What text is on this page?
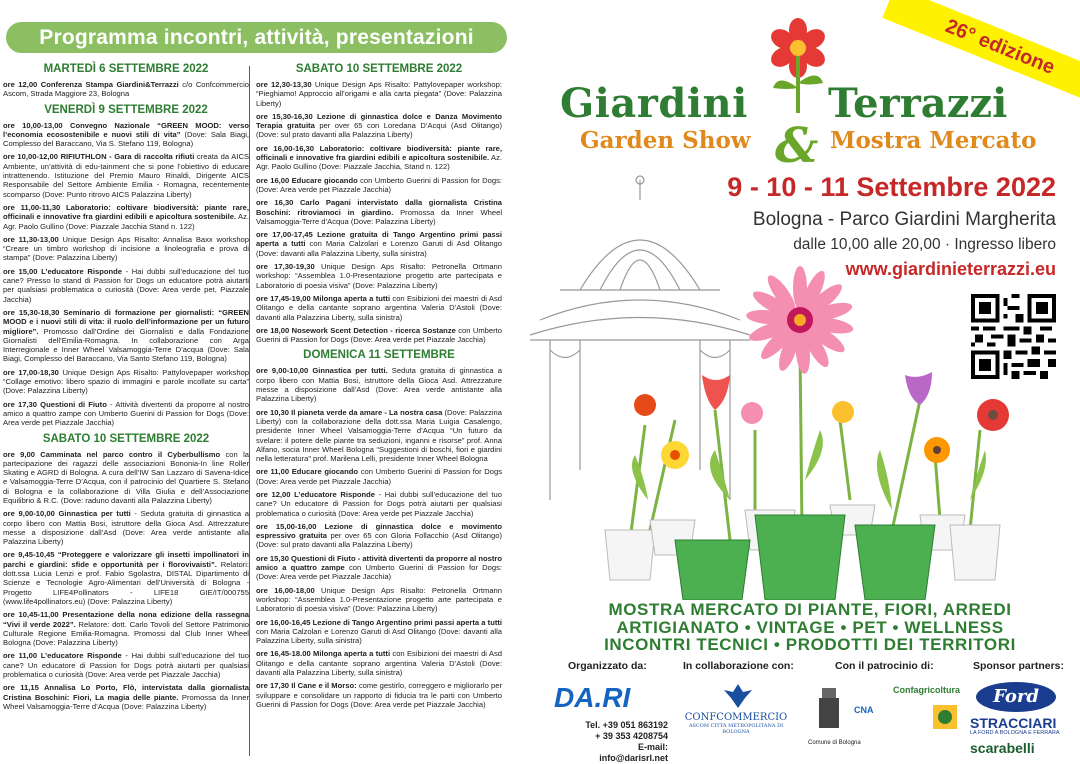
Programma incontri, attività, presentazioni
MARTEDÌ 6 SETTEMBRE 2022
ore 12,00 Conferenza Stampa Giardini&Terrazzi c/o Confcommercio Ascom, Strada Maggiore 23, Bologna
VENERDÌ 9 SETTEMBRE 2022
ore 10,00-13,00 Convegno Nazionale “GREEN MOOD: verso l’economia ecosostenibile e nuovi stili di vita” (Dove: Sala Biagi, Complesso del Baraccano, Via S. Stefano 119, Bologna)
ore 10,00-12,00 RIFIUTHLON - Gara di raccolta rifiuti creata da AICS Ambiente, un’attività di edu-tainment che si pone l’obiettivo di educare intrattenendo. Istituzione del Premio Mauro Rinaldi, Dirigente AICS Responsabile del Settore Ambiente Emilia - Romagna, recentemente scomparso (Dove: Punto ritrovo AICS Palazzina Liberty)
ore 11,00-11,30 Laboratorio: coltivare biodiversità: piante rare, officinali e innovative fra giardini edibili e apicoltura sostenibile. Az. Agr. Paolo Gullino (Dove: Piazzale Jacchia Stand n. 122)
ore 11,30-13,00 Unique Design Aps Risalto: Annalisa Baxx workshop “Creare un timbro workshop di incisione a linoleografia e prova di stampa” (Dove: Palazzina Liberty)
ore 15,00 L’educatore Risponde - Hai dubbi sull’educazione del tuo cane? Presso lo stand di Passion for Dogs un educatore potrà aiutarti per qualsiasi problematica o curiosità (Dove: Area verde pet, Piazzale Jacchia)
ore 15,30-18,30 Seminario di formazione per giornalisti: “GREEN MOOD e i nuovi stili di vita: il ruolo dell’informazione per un futuro migliore”. Promosso dall’Ordine dei Giornalisti e dalla Fondazione Giornalisti dell’Emilia-Romagna. In collaborazione con Arga Interregionale e Inner Wheel Valsamoggia-Terre D’acqua (Dove: Sala Biagi, Complesso del Baraccano, Via Santo Stefano 119, Bologna)
ore 17,00-18,30 Unique Design Aps Risalto: Pattylovepaper workshop “Collage emotivo: libero spazio di immagini e parole incollate su carta” (Dove: Palazzina Liberty)
ore 17,30 Questioni di Fiuto - Attività divertenti da proporre al nostro amico a quattro zampe con Umberto Guerini di Passion for Dogs (Dove: Area verde pet Piazzale Jacchia)
SABATO 10 SETTEMBRE 2022
ore 9,00 Camminata nel parco contro il Cyberbullismo con la partecipazione dei ragazzi delle associazioni Bononia-In line Roller Skating e AGRD di Bologna. A cura dell’IW San Lazzaro di Savena-Idice e Valsamoggia-Terre D’Acqua, con il patrocinio del Quartiere S. Stefano di Bologna e la collaborazione di Villa Giulia e dell’Associazione Equilibrio & R.C. (Dove: raduno davanti alla Palazzina Liberty)
ore 9,00-10,00 Ginnastica per tutti - Seduta gratuita di ginnastica a corpo libero con Mattia Bosi, istruttore della Gioca Asd. Attrezzature messe a disposizione dall’Asd (Dove: Area verde antistante alla Palazzina Liberty)
ore 9,45-10,45 “Proteggere e valorizzare gli insetti impollinatori in parchi e giardini: sfide e opportunità per i florovivaisti”. Relatori: dott.ssa Lucia Lenzi e prof. Fabio Sgolastra, DISTAL Dipartimento di Scienze e Tecnologie Agro-Alimentari dell’Università di Bologna - Progetto LIFE4Pollinators - LIFE18 GIE/IT/000755 (www.life4pollinators.eu) (Dove: Palazzina Liberty)
ore 10,45-11,00 Presentazione della nona edizione della rassegna “Vivi il verde 2022”. Relatore: dott. Carlo Tovoli del Settore Patrimonio Culturale Regione Emilia-Romagna. Promossi dal Club Inner Wheel Bologna (Dove: Palazzina Liberty)
ore 11,00 L’educatore Risponde - Hai dubbi sull’educazione del tuo cane? Un educatore di Passion for Dogs potrà aiutarti per qualsiasi problematica o curiosità (Dove: Area verde pet Piazzale Jacchia)
ore 11,15 Annalisa Lo Porto, Flò, intervistata dalla giornalista Cristina Boschini: Fiori, La magia delle piante. Promossa da Inner Wheel Valsamoggia-Terre d’Acqua (Dove: Palazzina Liberty)
SABATO 10 SETTEMBRE 2022
ore 12,30-13,30 Unique Design Aps Risalto: Pattylovepaper workshop: “Pieghiamo! Approccio all’origami e alla carta piegata” (Dove: Palazzina Liberty)
ore 15,30-16,30 Lezione di ginnastica dolce e Danza Movimento Terapia gratuita per over 65 con Loredana D’Acqui (Asd Olitango) (Dove: sul prato davanti alla Palazzina Liberty)
ore 16,00-16,30 Laboratorio: coltivare biodiversità: piante rare, officinali e innovative fra giardini edibili e apicoltura sostenibile. Az. Agr. Paolo Gullino (Dove: Piazzale Jacchia, Stand n. 122)
ore 16,00 Educare giocando con Umberto Guerini di Passion for Dogs: (Dove: Area verde pet Piazzale Jacchia)
ore 16,30 Carlo Pagani intervistato dalla giornalista Cristina Boschini: ritroviamoci in giardino. Promossa da Inner Wheel Valsamoggia-Terre d’Acqua (Dove: Palazzina Liberty)
ore 17,00-17,45 Lezione gratuita di Tango Argentino primi passi aperta a tutti con Maria Calzolari e Lorenzo Garuti di Asd Olitango (Dove: davanti alla Palazzina Liberty, sulla sinistra)
ore 17,30-19,30 Unique Design Aps Risalto: Petronella Ortmann workshop: “Assemblea 1.0-Presentazione progetto arte partecipata e Laboratorio di poesia visiva” (Dove: Palazzina Liberty)
ore 17,45-19,00 Milonga aperta a tutti con Esibizioni dei maestri di Asd Olitango e della cantante soprano argentina Valeria D’Astoli (Dove: davanti alla Palazzina Liberty, sulla sinistra)
ore 18,00 Nosework Scent Detection - ricerca Sostanze con Umberto Guerini di Passion for Dogs (Dove: Area verde pet Piazzale Jacchia)
DOMENICA 11 SETTEMBRE
ore 9,00-10,00 Ginnastica per tutti. Seduta gratuita di ginnastica a corpo libero con Mattia Bosi, istruttore della Gioca Asd. Attrezzature messe a disposizione dall’Asd (Dove: Area verde antistante alla Palazzina Liberty)
ore 10,30 Il pianeta verde da amare - La nostra casa (Dove: Palazzina Liberty) con la collaborazione della dott.ssa Maria Luigia Casalengo, presidente Inner Wheel Valsamoggia-Terre d’Acqua “Un futuro da svelare: il potere delle piante tra seduzioni, inganni e risorse” prof. Anna Alfano, socia Inner Wheel Bologna “Suggestioni di boschi, fiori e giardini nella letteratura” prof. Marilena Lelli, presidente Inner Wheel Bologna
ore 11,00 Educare giocando con Umberto Guerini di Passion for Dogs (Dove: Area verde pet Piazzale Jacchia)
ore 12,00 L’educatore Risponde - Hai dubbi sull’educazione del tuo cane? Un educatore di Passion for Dogs potrà aiutarti per qualsiasi problematica o curiosità (Dove: Area verde pet Piazzale Jacchia)
ore 15,00-16,00 Lezione di ginnastica dolce e movimento espressivo gratuita per over 65 con Gloria Follacchio (Asd Olitango) (Dove: sul prato davanti alla Palazzina Liberty)
ore 15,30 Questioni di Fiuto - attività divertenti da proporre al nostro amico a quattro zampe con Umberto Guerini di Passion for Dogs: (Dove: Area verde pet Piazzale Jacchia)
ore 16,00-18,00 Unique Design Aps Risalto: Petronella Ortmann workshop: “Assemblea 1.0-Presentazione progetto arte partecipata e Laboratorio di poesia visiva” (Dove: Palazzina Liberty)
ore 16,00-16,45 Lezione di Tango Argentino primi passi aperta a tutti con Maria Calzolari e Lorenzo Garuti di Asd Olitango (Dove: davanti alla Palazzina Liberty, sulla sinistra)
ore 16,45-18.00 Milonga aperta a tutti con Esibizioni dei maestri di Asd Olitango e della cantante soprano argentina Valeria D’Astoli (Dove: davanti alla Palazzina Liberty, sulla sinistra)
ore 17,30 Il Cane e il Morso: come gestirlo, correggero e migliorarlo per sviluppare e consolidare un rapporto di fiducia tra le parti con Umberto Guerini di Passion for Dogs (Dove: Area verde pet Piazzale Jacchia)
26° edizione
Giardini Terrazzi
Garden Show & Mostra Mercato
9 - 10 - 11 Settembre 2022
Bologna - Parco Giardini Margherita
dalle 10,00 alle 20,00 · Ingresso libero
www.giardinieterrazzi.eu
MOSTRA MERCATO DI PIANTE, FIORI, ARREDI
ARTIGIANATO • VINTAGE • PET • WELLNESS
INCONTRI TECNICI • PRODOTTI DEI TERRITORI
Organizzato da:	In collaborazione con:	Con il patrocinio di:	Sponsor partners:
DA.RI
Tel. +39 051 863192
+ 39 353 4208754
E-mail: info@darisrl.net
CONFCOMMERCIO
ASCOM CITTÀ METROPOLITANA DI BOLOGNA
Comune di Bologna
CNA
Confagricoltura	Ford
STRACCIARI
LA FORD A BOLOGNA E FERRARA
scarabelli
